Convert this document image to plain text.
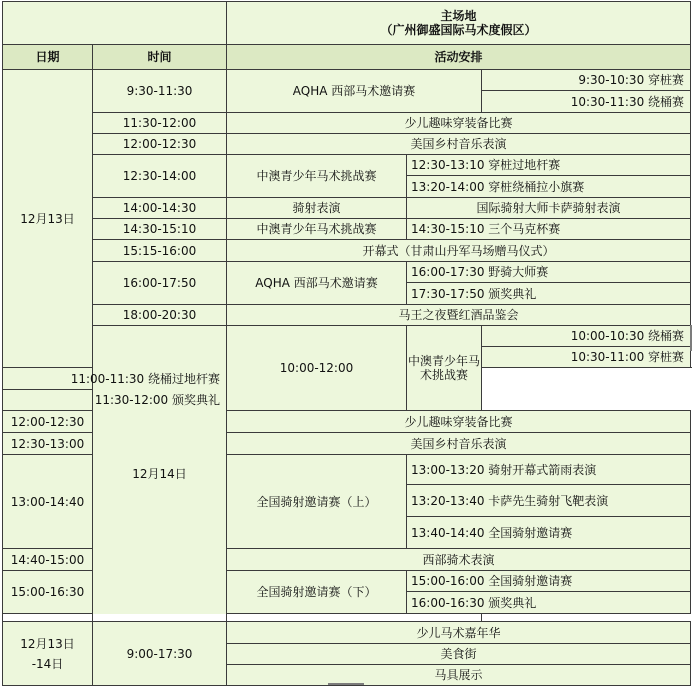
		主场地
（广州御盛国际马术度假区）		

日期	时间	活动安排		
12月13日	9:30-11:30	AQHA 西部马术邀请赛		9:30-10:30 穿桩赛
				10:30-11:30 绕桶赛
	11:30-12:00	少儿趣味穿装备比赛		
	12:00-12:30	美国乡村音乐表演		
	12:30-14:00	中澳青少年马术挑战赛	12:30-13:10 穿桩过地杆赛	
			13:20-14:00 穿桩绕桶拉小旗赛	
	14:00-14:30	骑射表演	国际骑射大师卡萨骑射表演	
	14:30-15:10	中澳青少年马术挑战赛	14:30-15:10 三个马克杯赛	
	15:15-16:00	开幕式（甘肃山丹军马场赠马仪式）		
	16:00-17:50	AQHA 西部马术邀请赛	16:00-17:30 野骑大师赛	
			17:30-17:50 颁奖典礼	
	18:00-20:30	马王之夜暨红酒品鉴会		
	12月14日	10:00-12:00	中澳青少年马术挑战赛	10:00-10:30 绕桶赛
				10:30-11:00 穿桩赛
11:00-11:30 绕桶过地杆赛				
11:30-12:00 颁奖典礼				
12:00-12:30		少儿趣味穿装备比赛		
12:30-13:00		美国乡村音乐表演		
13:00-14:40		全国骑射邀请赛（上）	13:00-13:20 骑射开幕式箭雨表演	
			13:20-13:40 卡萨先生骑射飞靶表演	
			13:40-14:40 全国骑射邀请赛	
14:40-15:00		西部骑术表演		
15:00-16:30		全国骑射邀请赛（下）	15:00-16:00 全国骑射邀请赛	
			16:00-16:30 颁奖典礼	

12月13日
-14日	9:00-17:30	少儿马术嘉年华		
		美食街		
		马具展示		
